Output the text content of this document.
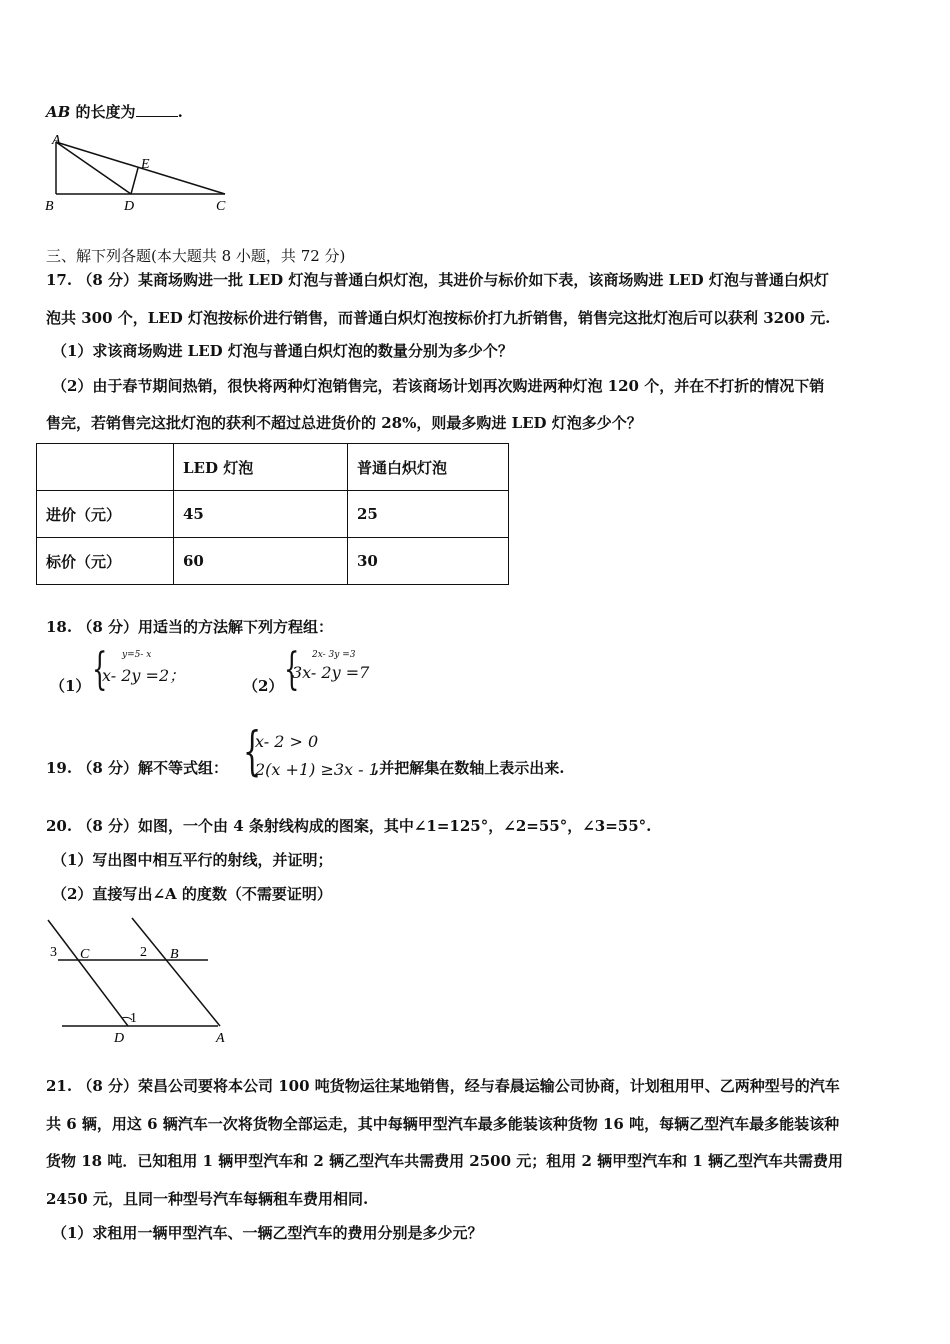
AB 的长度为	.
A
B	D	C
E
三、解下列各题(本大题共 8 小题，共 72 分)
17. （8 分）某商场购进一批 LED 灯泡与普通白炽灯泡，其进价与标价如下表，该商场购进 LED 灯泡与普通白炽灯
泡共 300 个，LED 灯泡按标价进行销售，而普通白炽灯泡按标价打九折销售，销售完这批灯泡后可以获利 3200 元.
（1）求该商场购进 LED 灯泡与普通白炽灯泡的数量分别为多少个？
（2）由于春节期间热销，很快将两种灯泡销售完，若该商场计划再次购进两种灯泡 120 个，并在不打折的情况下销
售完，若销售完这批灯泡的获利不超过总进货价的 28%，则最多购进 LED 灯泡多少个？
	LED 灯泡	普通白炽灯泡
进价（元）	45	25
标价（元）	60	30
18. （8 分）用适当的方法解下列方程组：
（1） { y=5- x
x- 2y =2；
（2） { 2x- 3y =3
3x- 2y =7
19. （8 分）解不等式组： {
x- 2 > 0
2(x +1) ≥3x - 1
,并把解集在数轴上表示出来.
20. （8 分）如图，一个由 4 条射线构成的图案，其中∠1=125°，∠2=55°，∠3=55°.
（1）写出图中相互平行的射线，并证明；
（2）直接写出∠A 的度数（不需要证明）
3 C	2 B
1
D	A
21. （8 分）荣昌公司要将本公司 100 吨货物运往某地销售，经与春晨运输公司协商，计划租用甲、乙两种型号的汽车
共 6 辆，用这 6 辆汽车一次将货物全部运走，其中每辆甲型汽车最多能装该种货物 16 吨，每辆乙型汽车最多能装该种
货物 18 吨．已知租用 1 辆甲型汽车和 2 辆乙型汽车共需费用 2500 元；租用 2 辆甲型汽车和 1 辆乙型汽车共需费用
2450 元，且同一种型号汽车每辆租车费用相同.
（1）求租用一辆甲型汽车、一辆乙型汽车的费用分别是多少元？
